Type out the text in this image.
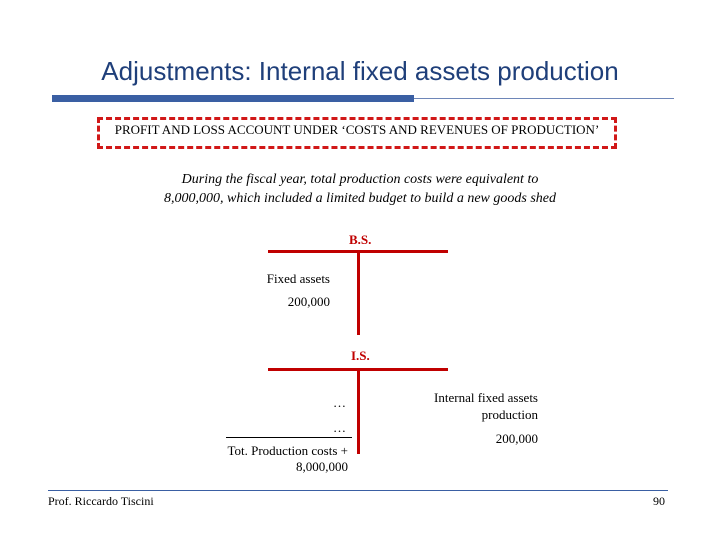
Adjustments: Internal fixed assets production
PROFIT AND LOSS ACCOUNT UNDER ‘COSTS AND REVENUES OF PRODUCTION’
During the fiscal year, total production costs were equivalent to
8,000,000, which included a limited budget to build a new goods shed
B.S.
Fixed assets
200,000
I.S.
…
…
Tot. Production costs +
8,000,000
Internal fixed assets
production
200,000
Prof. Riccardo Tiscini	90
